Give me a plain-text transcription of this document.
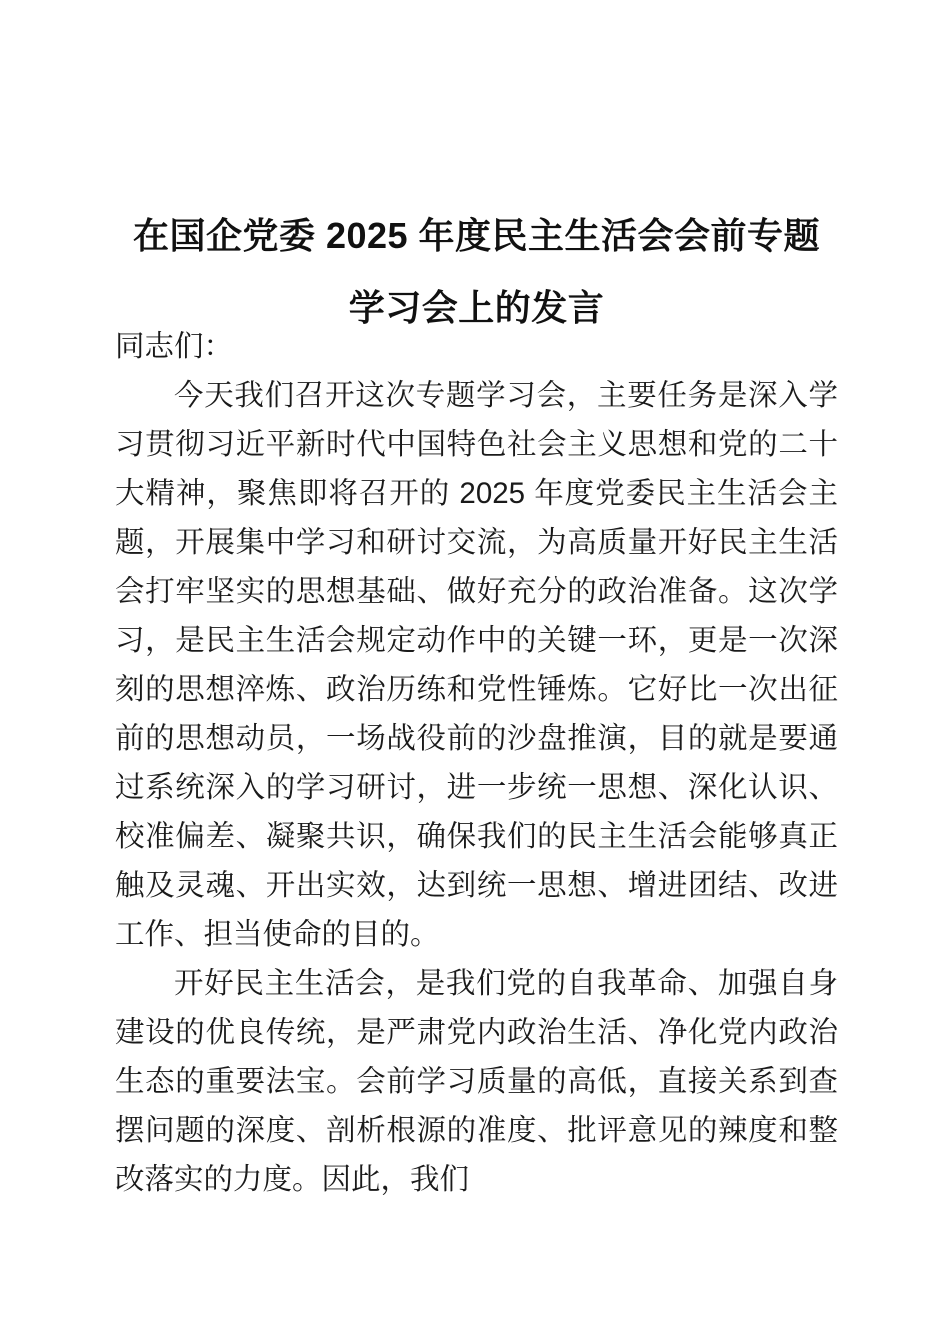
在国企党委 2025 年度民主生活会会前专题学习会上的发言

同志们：

今天我们召开这次专题学习会，主要任务是深入学习贯彻习近平新时代中国特色社会主义思想和党的二十大精神，聚焦即将召开的 2025 年度党委民主生活会主题，开展集中学习和研讨交流，为高质量开好民主生活会打牢坚实的思想基础、做好充分的政治准备。这次学习，是民主生活会规定动作中的关键一环，更是一次深刻的思想淬炼、政治历练和党性锤炼。它好比一次出征前的思想动员，一场战役前的沙盘推演，目的就是要通过系统深入的学习研讨，进一步统一思想、深化认识、校准偏差、凝聚共识，确保我们的民主生活会能够真正触及灵魂、开出实效，达到统一思想、增进团结、改进工作、担当使命的目的。

开好民主生活会，是我们党的自我革命、加强自身建设的优良传统，是严肃党内政治生活、净化党内政治生态的重要法宝。会前学习质量的高低，直接关系到查摆问题的深度、剖析根源的准度、批评意见的辣度和整改落实的力度。因此，我们
